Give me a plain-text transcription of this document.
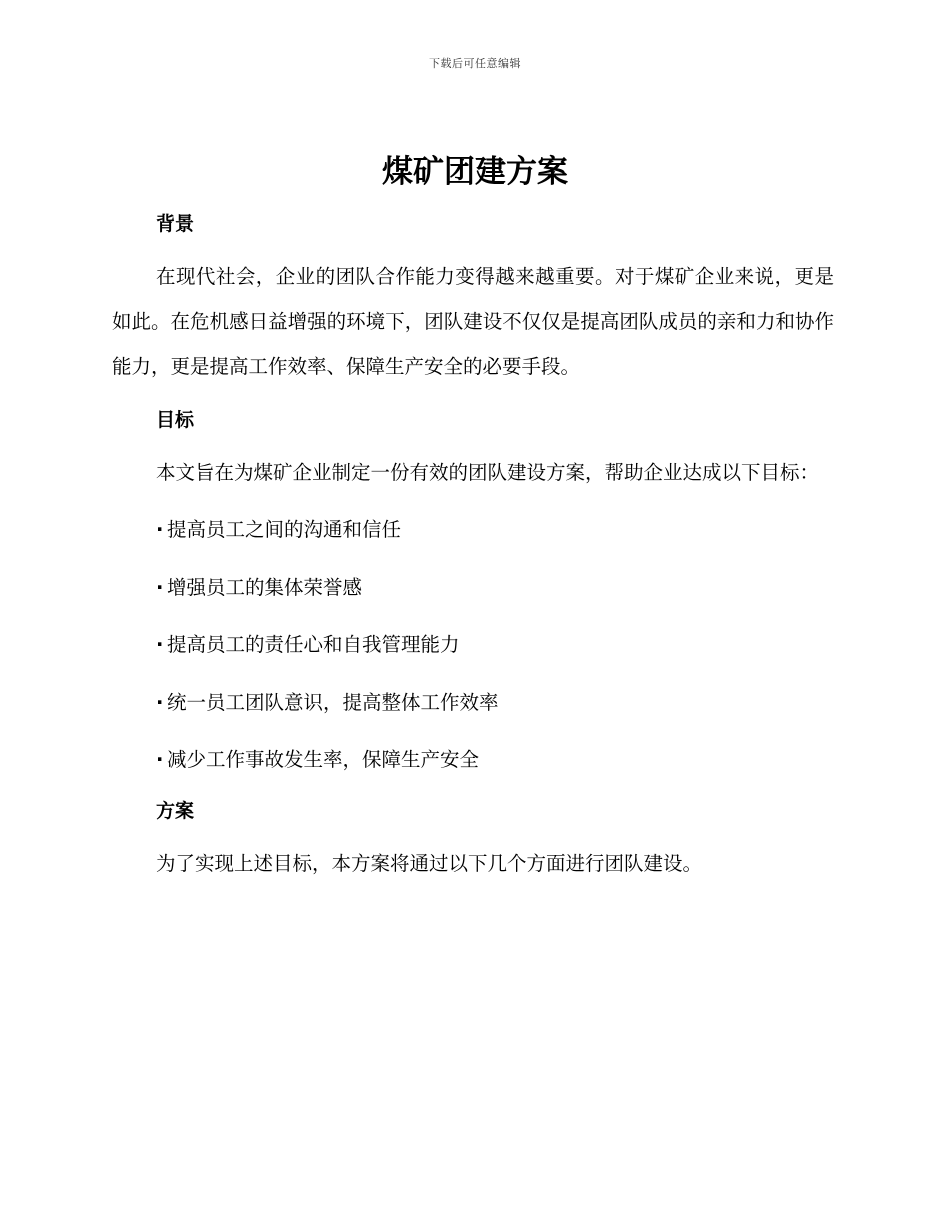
下载后可任意编辑
煤矿团建方案
背景

在现代社会，企业的团队合作能力变得越来越重要。对于煤矿企业来说，更是如此。在危机感日益增强的环境下，团队建设不仅仅是提高团队成员的亲和力和协作能力，更是提高工作效率、保障生产安全的必要手段。

目标

本文旨在为煤矿企业制定一份有效的团队建设方案，帮助企业达成以下目标：

· 提高员工之间的沟通和信任
· 增强员工的集体荣誉感
· 提高员工的责任心和自我管理能力
· 统一员工团队意识，提高整体工作效率
· 减少工作事故发生率，保障生产安全
方案

为了实现上述目标，本方案将通过以下几个方面进行团队建设。
